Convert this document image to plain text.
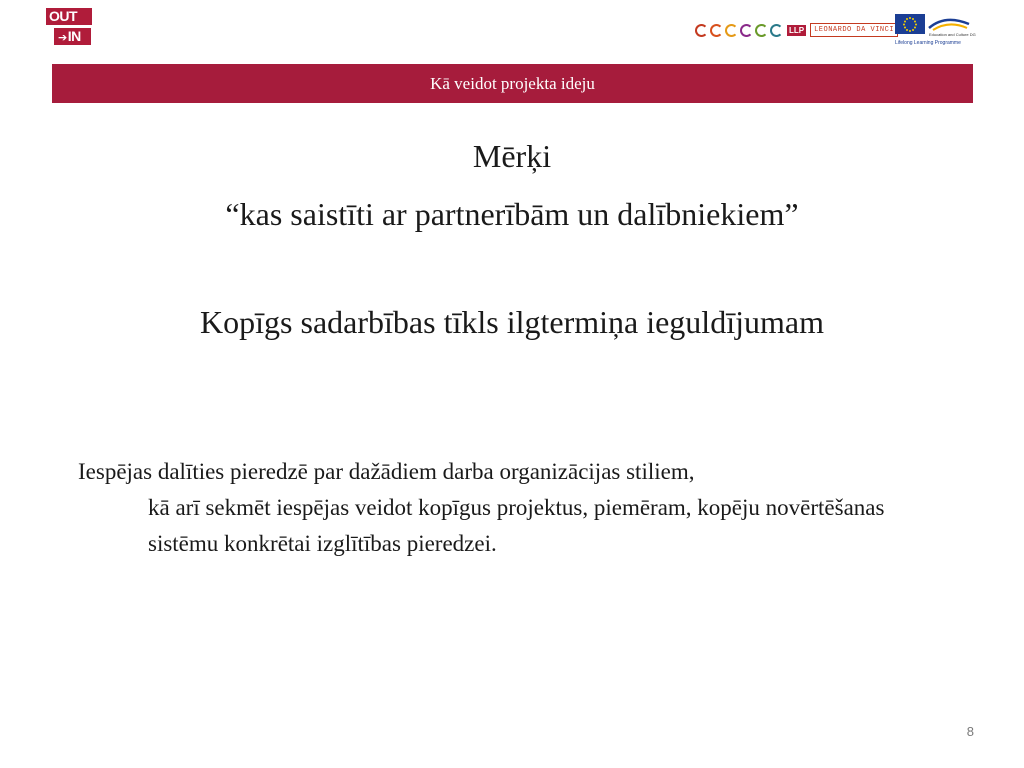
OUT
➔IN	LLP	LEONARDO DA VINCI
Education and Culture DG
Lifelong Learning Programme
Kā veidot projekta ideju

Mērķi

“kas saistīti ar partnerībām un dalībniekiem”

Kopīgs sadarbības tīkls ilgtermiņa ieguldījumam

Iespējas dalīties pieredzē par dažādiem darba organizācijas stiliem,
kā arī sekmēt iespējas veidot kopīgus projektus, piemēram, kopēju novērtēšanas sistēmu konkrētai izglītības pieredzei.
8
